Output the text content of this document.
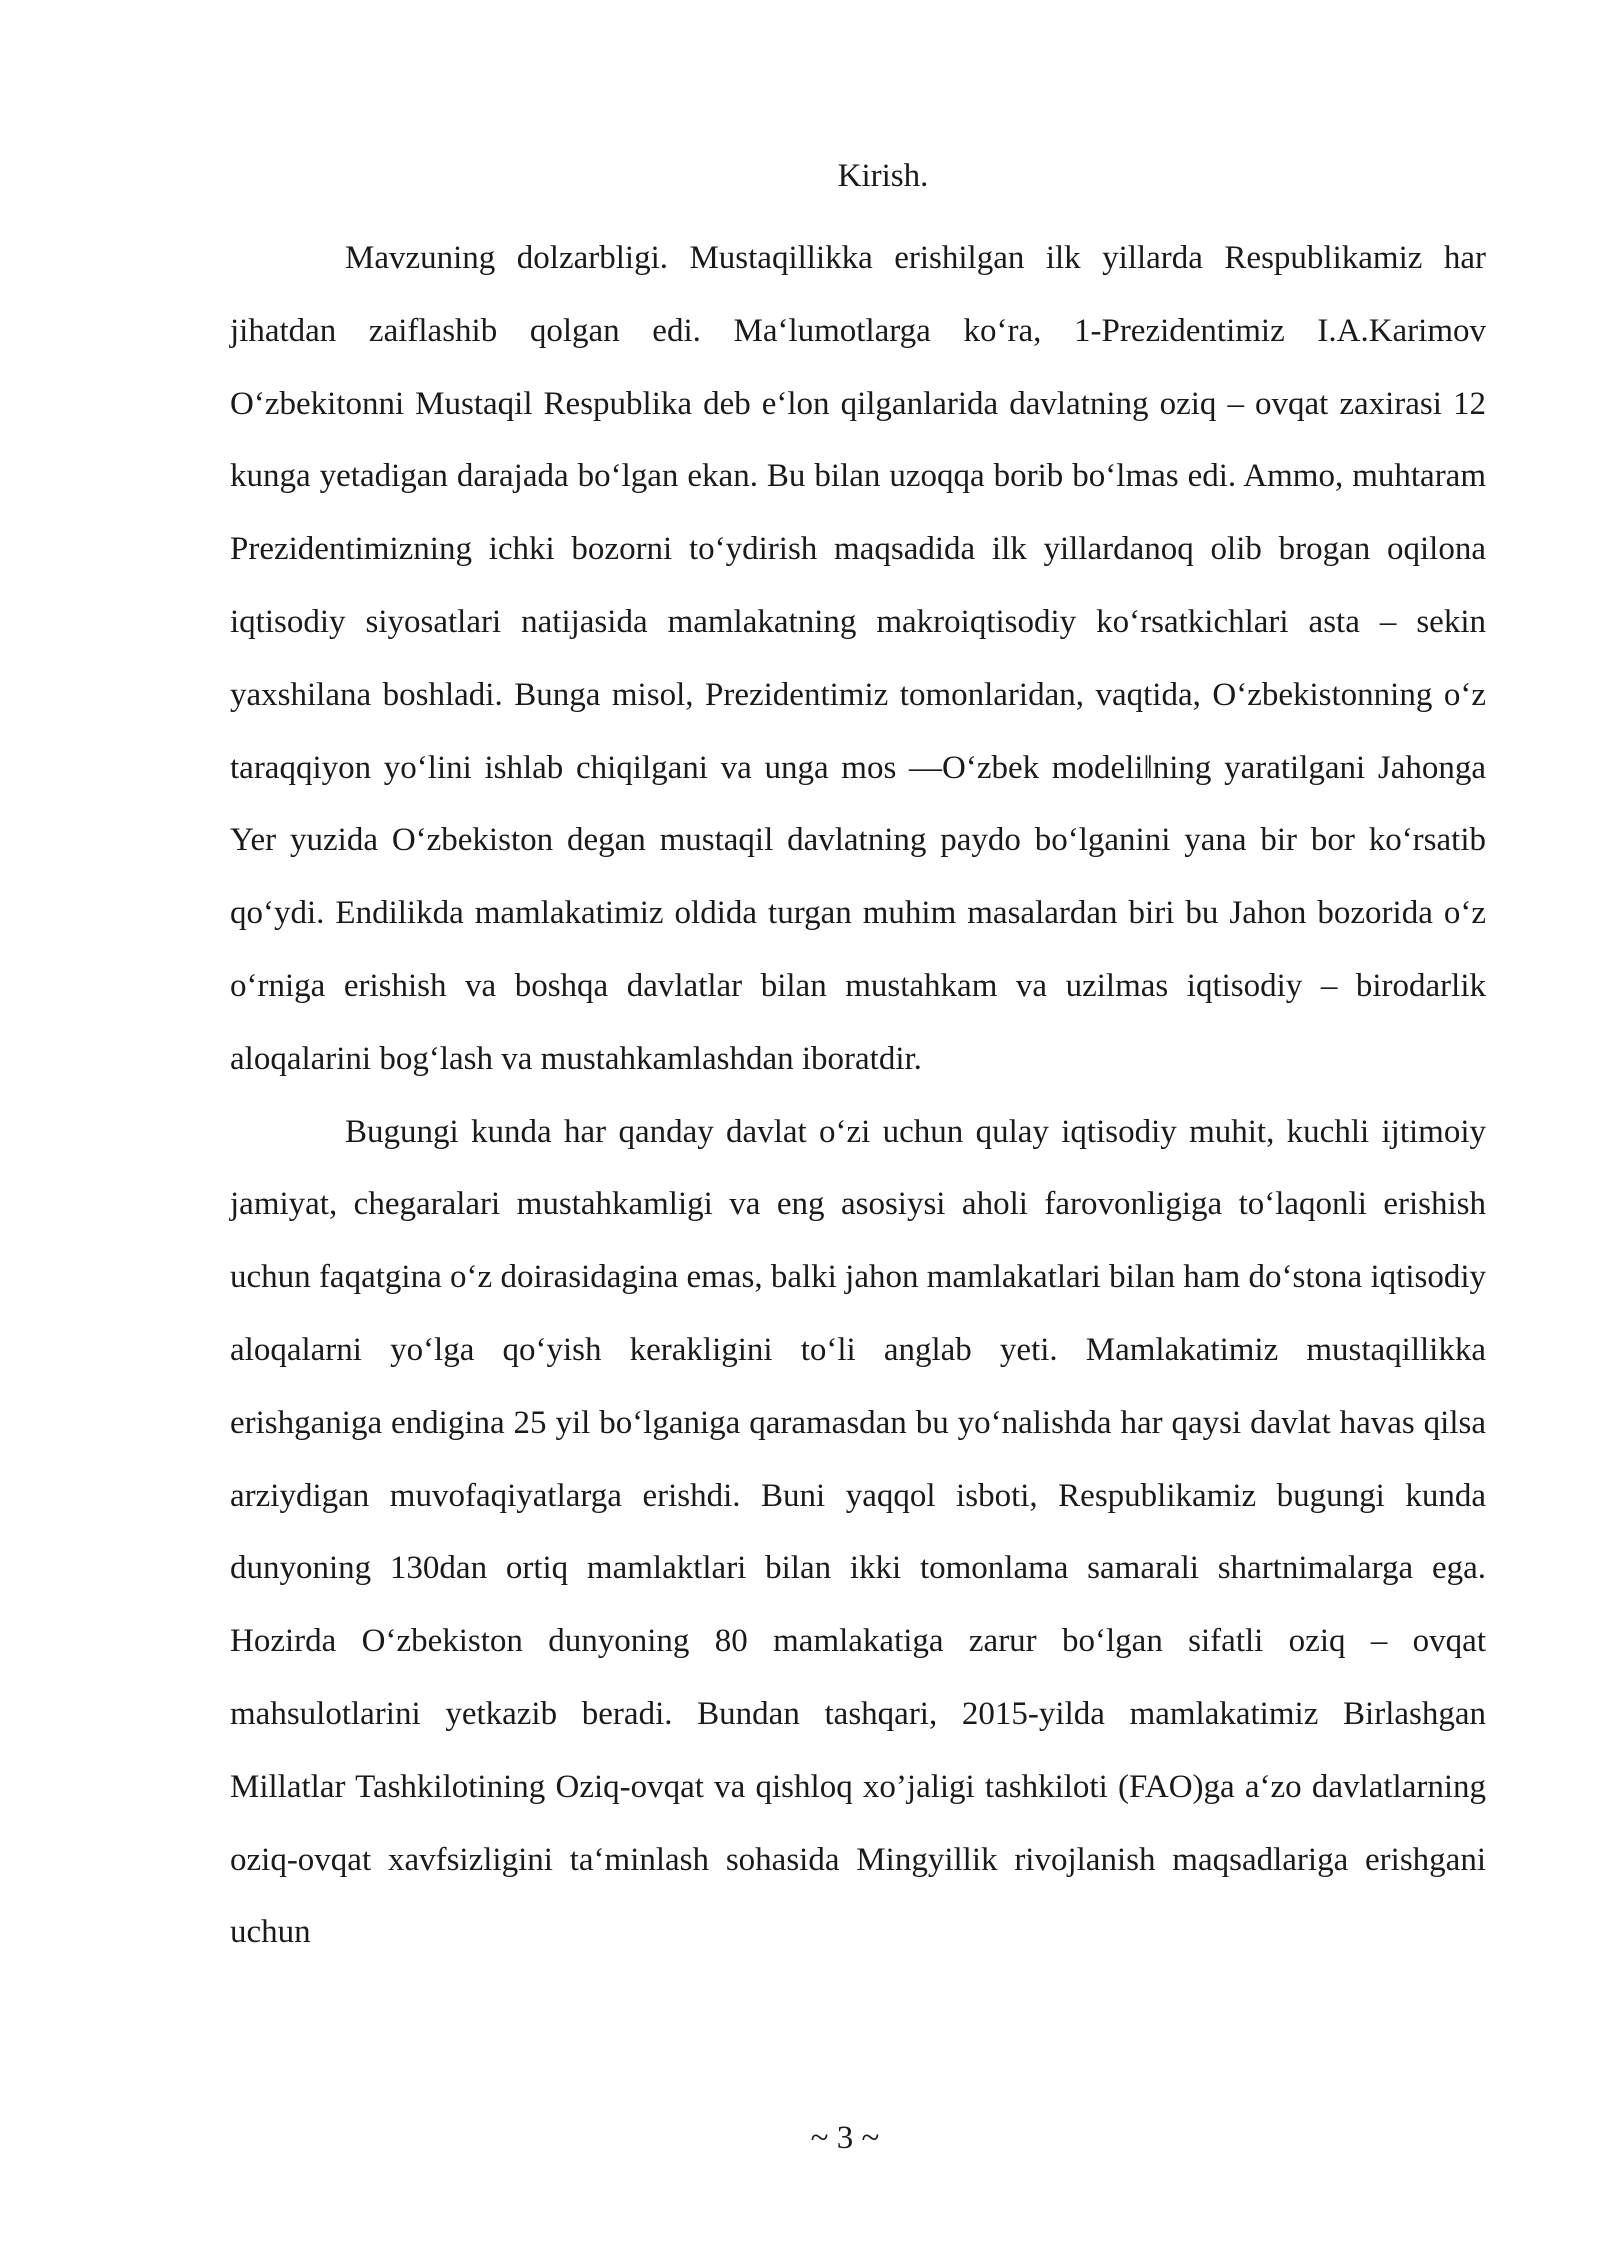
Kirish.

Mavzuning dolzarbligi. Mustaqillikka erishilgan ilk yillarda Respublikamiz har jihatdan zaiflashib qolgan edi. Ma‘lumotlarga ko‘ra, 1-Prezidentimiz I.A.Karimov O‘zbekitonni Mustaqil Respublika deb e‘lon qilganlarida davlatning oziq – ovqat zaxirasi 12 kunga yetadigan darajada bo‘lgan ekan. Bu bilan uzoqqa borib bo‘lmas edi. Ammo, muhtaram Prezidentimizning ichki bozorni to‘ydirish maqsadida ilk yillardanoq olib brogan oqilona iqtisodiy siyosatlari natijasida mamlakatning makroiqtisodiy ko‘rsatkichlari asta – sekin yaxshilana boshladi. Bunga misol, Prezidentimiz tomonlaridan, vaqtida, O‘zbekistonning o‘z taraqqiyon yo‘lini ishlab chiqilgani va unga mos ―O‘zbek modeli‖ning yaratilgani Jahonga Yer yuzida O‘zbekiston degan mustaqil davlatning paydo bo‘lganini yana bir bor ko‘rsatib qo‘ydi. Endilikda mamlakatimiz oldida turgan muhim masalardan biri bu Jahon bozorida o‘z o‘rniga erishish va boshqa davlatlar bilan mustahkam va uzilmas iqtisodiy – birodarlik aloqalarini bog‘lash va mustahkamlashdan iboratdir.

Bugungi kunda har qanday davlat o‘zi uchun qulay iqtisodiy muhit, kuchli ijtimoiy jamiyat, chegaralari mustahkamligi va eng asosiysi aholi farovonligiga to‘laqonli erishish uchun faqatgina o‘z doirasidagina emas, balki jahon mamlakatlari bilan ham do‘stona iqtisodiy aloqalarni yo‘lga qo‘yish kerakligini to‘li anglab yeti. Mamlakatimiz mustaqillikka erishganiga endigina 25 yil bo‘lganiga qaramasdan bu yo‘nalishda har qaysi davlat havas qilsa arziydigan muvofaqiyatlarga erishdi. Buni yaqqol isboti, Respublikamiz bugungi kunda dunyoning 130dan ortiq mamlaktlari bilan ikki tomonlama samarali shartnimalarga ega. Hozirda O‘zbekiston dunyoning 80 mamlakatiga zarur bo‘lgan sifatli oziq – ovqat mahsulotlarini yetkazib beradi. Bundan tashqari, 2015-yilda mamlakatimiz Birlashgan Millatlar Tashkilotining Oziq-ovqat va qishloq xo’jaligi tashkiloti (FAO)ga a‘zo davlatlarning oziq-ovqat xavfsizligini ta‘minlash sohasida Mingyillik rivojlanish maqsadlariga erishgani uchun

~ 3 ~
